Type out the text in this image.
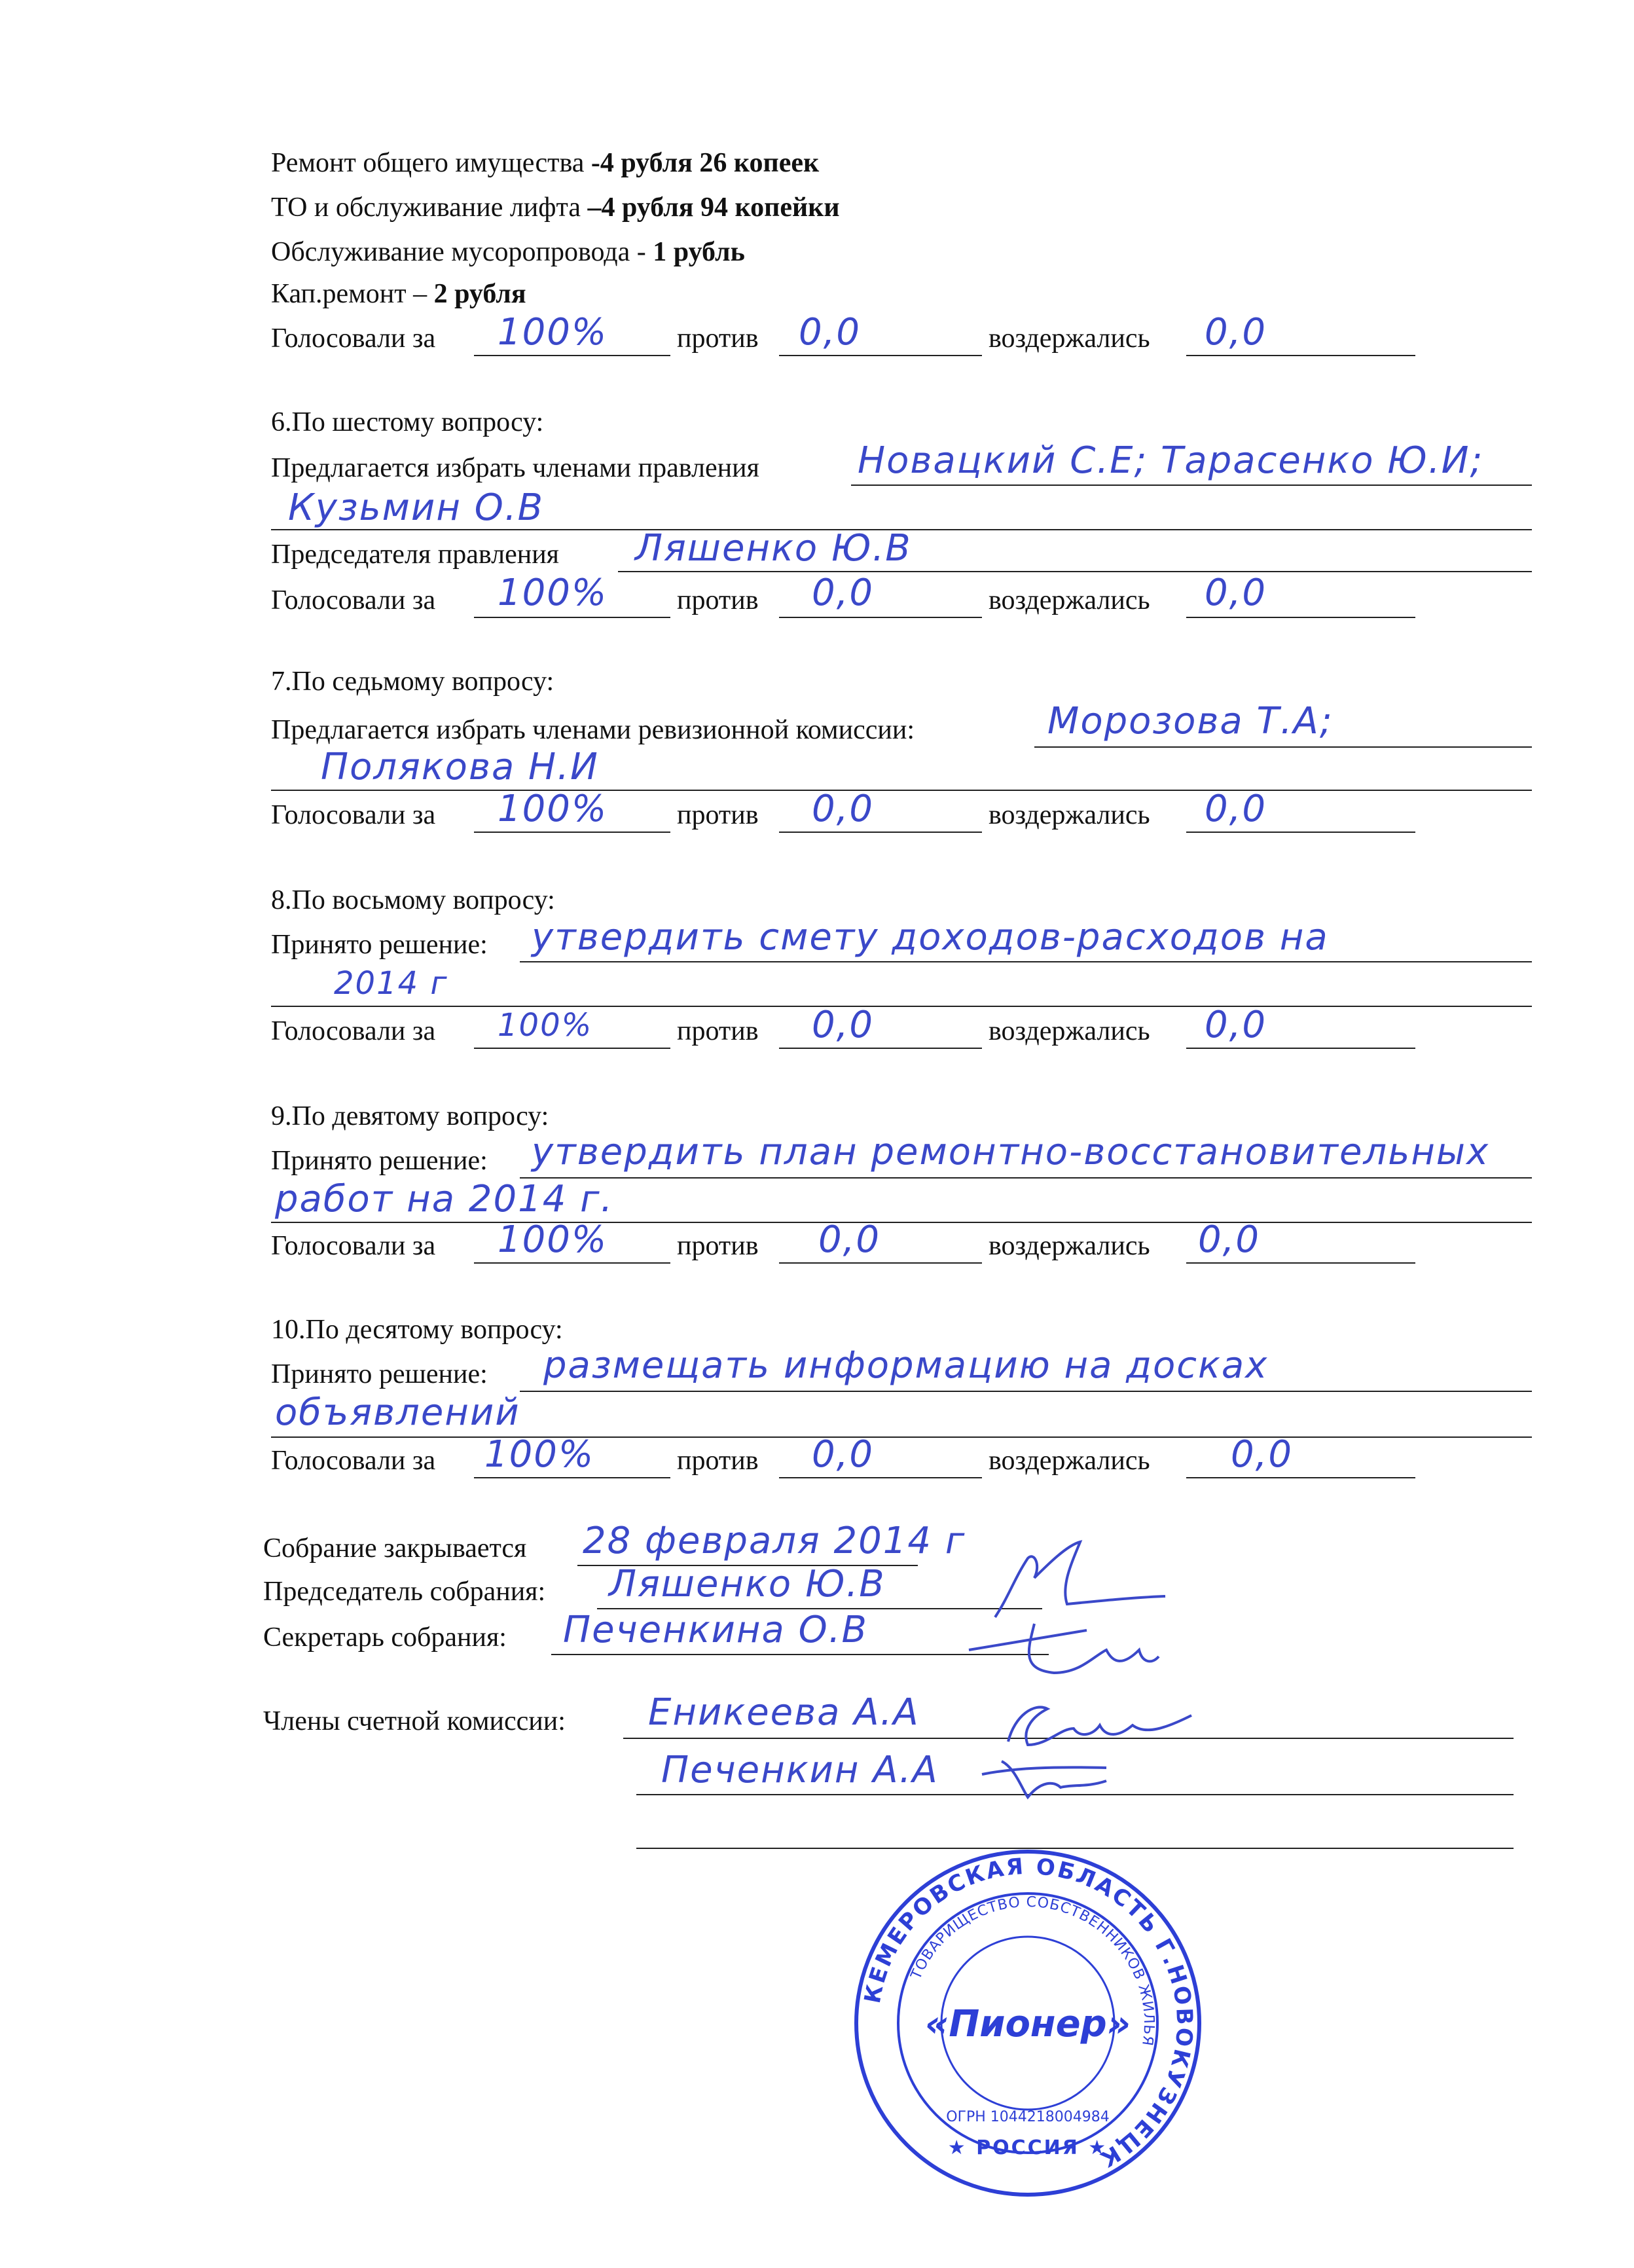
Ремонт общего имущества -4 рубля 26 копеек
ТО и обслуживание лифта –4 рубля 94 копейки
Обслуживание мусоропровода - 1 рубль
Кап.ремонт – 2 рубля
Голосовали за 100%	против 0,0	воздержались 0,0
6.По шестому вопросу:
Предлагается избрать членами правления	Новацкий С.Е; Тарасенко Ю.И;
Кузьмин О.В
Председателя правления Ляшенко Ю.В
Голосовали за 100%	против 0,0	воздержались 0,0
7.По седьмому вопросу:
Предлагается избрать членами ревизионной комиссии:	Морозова Т.А;
Полякова Н.И
Голосовали за 100%	против 0,0	воздержались 0,0
8.По восьмому вопросу:
Принято решение: утвердить смету доходов-расходов на
2014 г
Голосовали за 100%	против 0,0	воздержались 0,0
9.По девятому вопросу:
Принято решение: утвердить план ремонтно-восстановительных
работ на 2014 г.
Голосовали за 100%	против 0,0	воздержались 0,0
10.По десятому вопросу:
Принято решение: размещать информацию на досках
объявлений
Голосовали за 100%	против 0,0	воздержались 0,0
Собрание закрывается 28 февраля 2014 г
Председатель собрания: Ляшенко Ю.В
Секретарь собрания: Печенкина О.В
Члены счетной комиссии: Еникеева А.А
Печенкин А.А
КЕМЕРОВСКАЯ ОБЛАСТЬ Г.НОВОКУЗНЕЦК
ТОВАРИЩЕСТВО СОБСТВЕННИКОВ ЖИЛЬЯ
«Пионер»
ОГРН 1044218004984
★ РОССИЯ ★
